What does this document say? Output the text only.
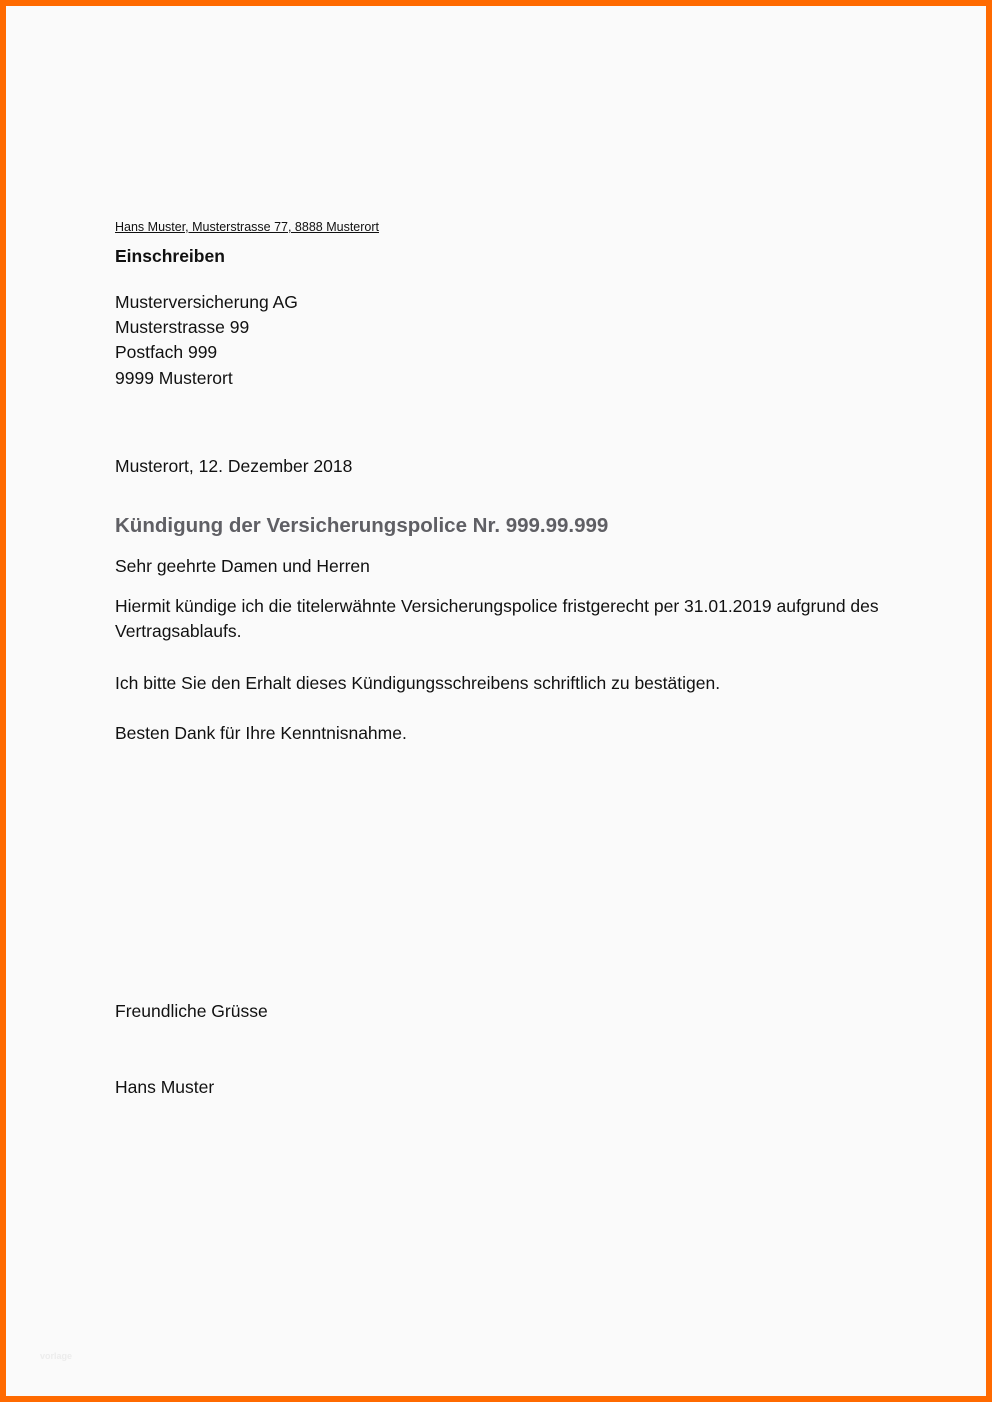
Hans Muster, Musterstrasse 77, 8888 Musterort
Einschreiben
Musterversicherung AG
Musterstrasse 99
Postfach 999
9999 Musterort
Musterort, 12. Dezember 2018
Kündigung der Versicherungspolice Nr. 999.99.999
Sehr geehrte Damen und Herren
Hiermit kündige ich die titelerwähnte Versicherungspolice fristgerecht per 31.01.2019 aufgrund des Vertragsablaufs.
Ich bitte Sie den Erhalt dieses Kündigungsschreibens schriftlich zu bestätigen.
Besten Dank für Ihre Kenntnisnahme.
Freundliche Grüsse
Hans Muster
vorlage
